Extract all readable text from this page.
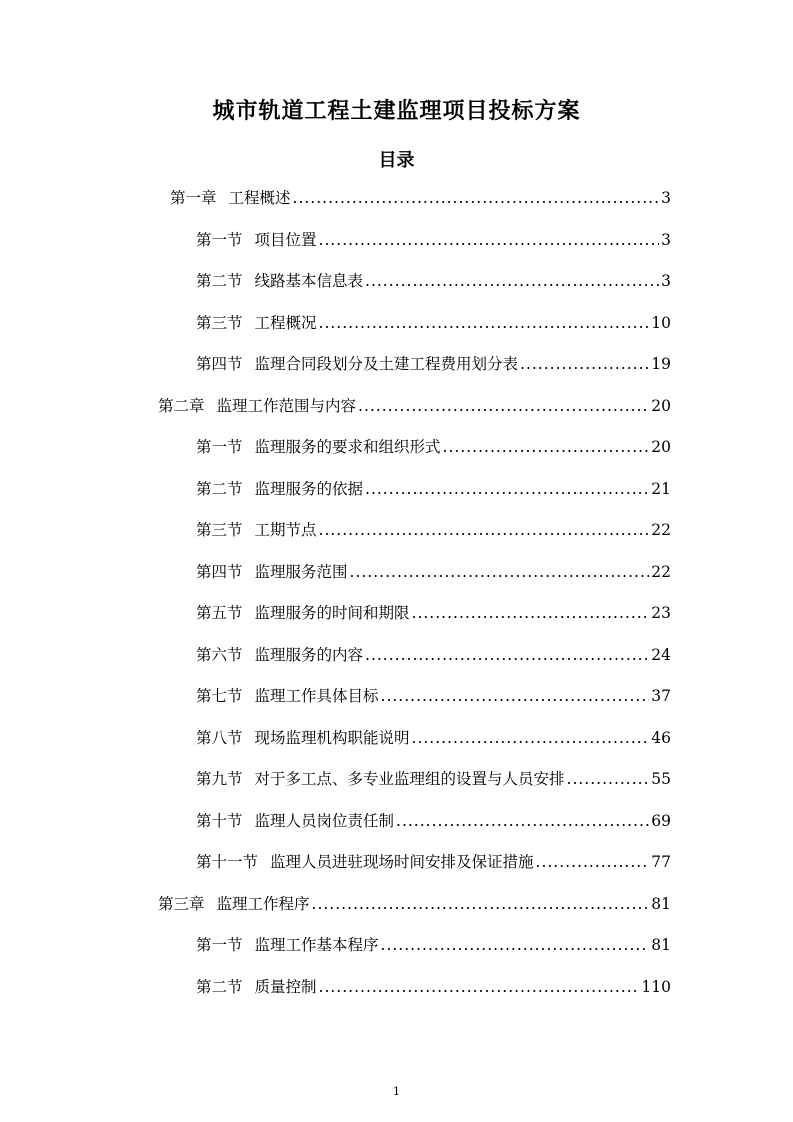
城市轨道工程土建监理项目投标方案
目录
第一章 工程概述 .....	3
第一节 项目位置 .....	3
第二节 线路基本信息表 .....	3
第三节 工程概况 .....	10
第四节 监理合同段划分及土建工程费用划分表 .....	19
第二章 监理工作范围与内容 .....	20
第一节 监理服务的要求和组织形式 .....	20
第二节 监理服务的依据 .....	21
第三节 工期节点 .....	22
第四节 监理服务范围 .....	22
第五节 监理服务的时间和期限 .....	23
第六节 监理服务的内容 .....	24
第七节 监理工作具体目标 .....	37
第八节 现场监理机构职能说明 .....	46
第九节 对于多工点、多专业监理组的设置与人员安排 .....	55
第十节 监理人员岗位责任制 .....	69
第十一节 监理人员进驻现场时间安排及保证措施 .....	77
第三章 监理工作程序 .....	81
第一节 监理工作基本程序 .....	81
第二节 质量控制 .....	110
1
